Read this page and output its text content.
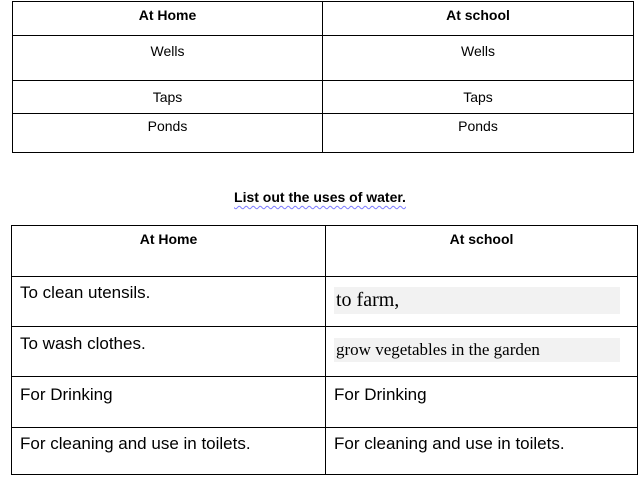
At Home	At school
Wells	Wells
Taps	Taps
Ponds	Ponds
List out the uses of water.
At Home	At school
To clean utensils.	to farm,
To wash clothes.	grow vegetables in the garden
For Drinking	For Drinking
For cleaning and use in toilets.	For cleaning and use in toilets.
